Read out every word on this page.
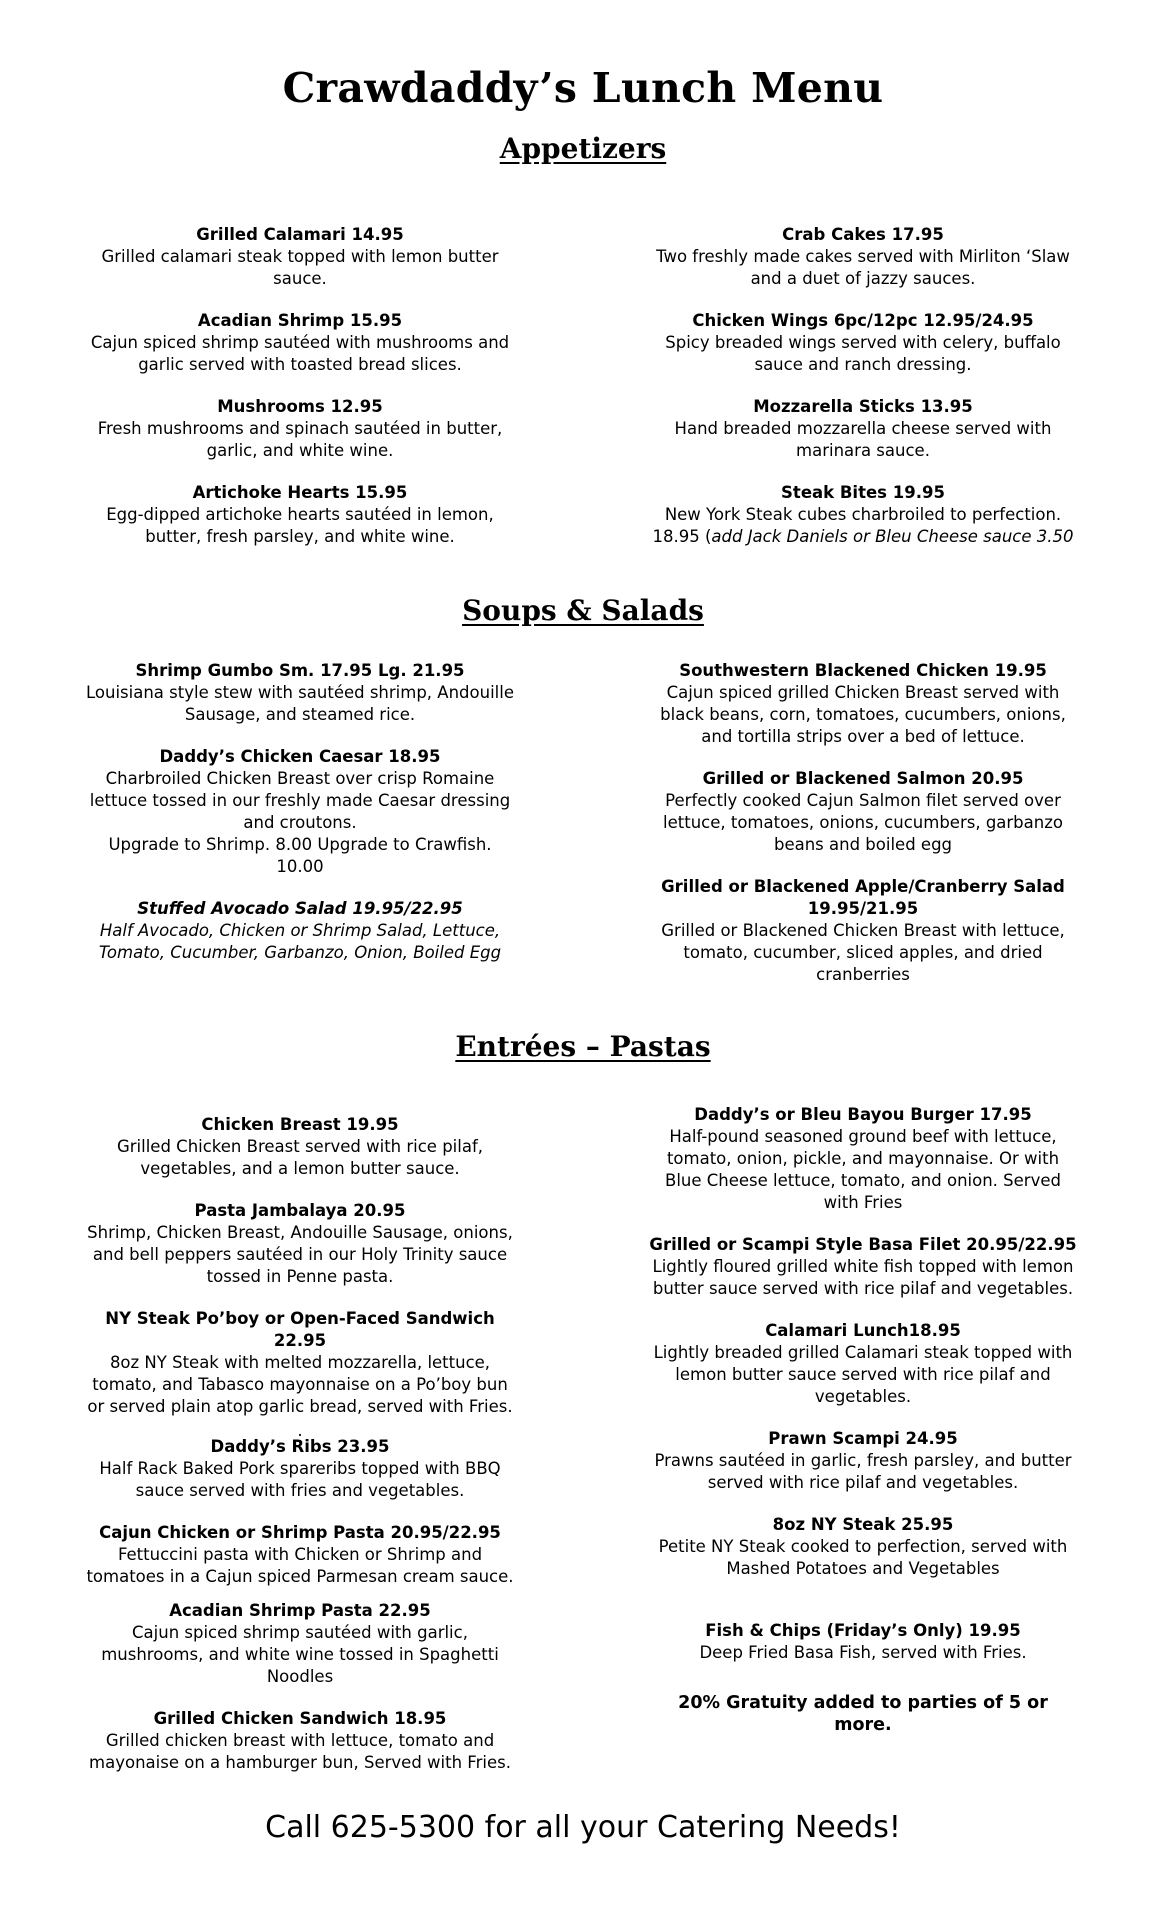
Crawdaddy’s Lunch Menu
Appetizers

Grilled Calamari 14.95

Grilled calamari steak topped with lemon butter sauce.

Acadian Shrimp 15.95

Cajun spiced shrimp sautéed with mushrooms and garlic served with toasted bread slices.

Mushrooms 12.95

Fresh mushrooms and spinach sautéed in butter, garlic, and white wine.

Artichoke Hearts 15.95

Egg-dipped artichoke hearts sautéed in lemon, butter, fresh parsley, and white wine.

Crab Cakes 17.95

Two freshly made cakes served with Mirliton ‘Slaw and a duet of jazzy sauces.

Chicken Wings 6pc/12pc 12.95/24.95

Spicy breaded wings served with celery, buffalo sauce and ranch dressing.

Mozzarella Sticks 13.95

Hand breaded mozzarella cheese served with marinara sauce.

Steak Bites 19.95

New York Steak cubes charbroiled to perfection. 18.95 (add Jack Daniels or Bleu Cheese sauce 3.50

Soups & Salads

Shrimp Gumbo Sm. 17.95 Lg. 21.95

Louisiana style stew with sautéed shrimp, Andouille Sausage, and steamed rice.

Daddy’s Chicken Caesar 18.95

Charbroiled Chicken Breast over crisp Romaine lettuce tossed in our freshly made Caesar dressing and croutons.

Upgrade to Shrimp. 8.00 Upgrade to Crawfish. 10.00

Stuffed Avocado Salad 19.95/22.95

Half Avocado, Chicken or Shrimp Salad, Lettuce, Tomato, Cucumber, Garbanzo, Onion, Boiled Egg

Southwestern Blackened Chicken 19.95

Cajun spiced grilled Chicken Breast served with black beans, corn, tomatoes, cucumbers, onions, and tortilla strips over a bed of lettuce.

Grilled or Blackened Salmon 20.95

Perfectly cooked Cajun Salmon filet served over lettuce, tomatoes, onions, cucumbers, garbanzo beans and boiled egg

Grilled or Blackened Apple/Cranberry Salad 19.95/21.95

Grilled or Blackened Chicken Breast with lettuce, tomato, cucumber, sliced apples, and dried cranberries

Entrées – Pastas

Chicken Breast 19.95

Grilled Chicken Breast served with rice pilaf, vegetables, and a lemon butter sauce.

Pasta Jambalaya 20.95

Shrimp, Chicken Breast, Andouille Sausage, onions, and bell peppers sautéed in our Holy Trinity sauce tossed in Penne pasta.

NY Steak Po’boy or Open-Faced Sandwich 22.95

8oz NY Steak with melted mozzarella, lettuce, tomato, and Tabasco mayonnaise on a Po’boy bun or served plain atop garlic bread, served with Fries.

.

Daddy’s Ribs 23.95

Half Rack Baked Pork spareribs topped with BBQ sauce served with fries and vegetables.

Cajun Chicken or Shrimp Pasta 20.95/22.95

Fettuccini pasta with Chicken or Shrimp and tomatoes in a Cajun spiced Parmesan cream sauce.

Acadian Shrimp Pasta 22.95

Cajun spiced shrimp sautéed with garlic, mushrooms, and white wine tossed in Spaghetti Noodles

Grilled Chicken Sandwich 18.95

Grilled chicken breast with lettuce, tomato and mayonaise on a hamburger bun, Served with Fries.

Daddy’s or Bleu Bayou Burger 17.95

Half-pound seasoned ground beef with lettuce, tomato, onion, pickle, and mayonnaise. Or with Blue Cheese lettuce, tomato, and onion. Served with Fries

Grilled or Scampi Style Basa Filet 20.95/22.95

Lightly floured grilled white fish topped with lemon butter sauce served with rice pilaf and vegetables.

Calamari Lunch18.95

Lightly breaded grilled Calamari steak topped with lemon butter sauce served with rice pilaf and vegetables.

Prawn Scampi 24.95

Prawns sautéed in garlic, fresh parsley, and butter served with rice pilaf and vegetables.

8oz NY Steak 25.95

Petite NY Steak cooked to perfection, served with Mashed Potatoes and Vegetables

Fish & Chips (Friday’s Only) 19.95

Deep Fried Basa Fish, served with Fries.

20% Gratuity added to parties of 5 or more.

Call 625-5300 for all your Catering Needs!
